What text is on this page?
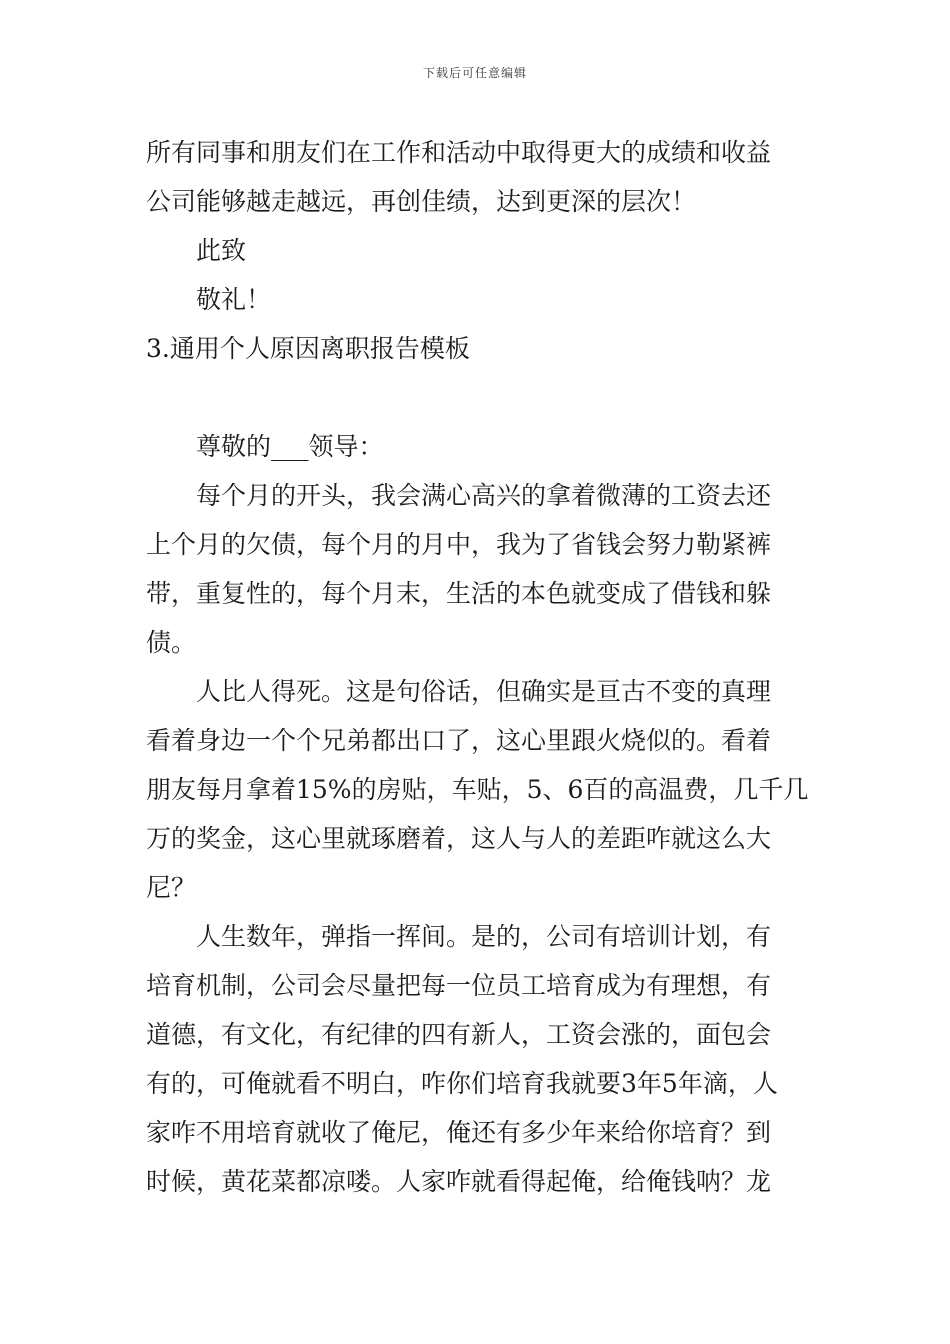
下载后可任意编辑

所有同事和朋友们在工作和活动中取得更大的成绩和收益

公司能够越走越远，再创佳绩，达到更深的层次！

此致

敬礼！

3.通用个人原因离职报告模板

尊敬的___领导：

每个月的开头，我会满心高兴的拿着微薄的工资去还

上个月的欠债，每个月的月中，我为了省钱会努力勒紧裤

带，重复性的，每个月末，生活的本色就变成了借钱和躲

债。

人比人得死。这是句俗话，但确实是亘古不变的真理

看着身边一个个兄弟都出口了，这心里跟火烧似的。看着

朋友每月拿着15%的房贴，车贴，5、6百的高温费，几千几

万的奖金，这心里就琢磨着，这人与人的差距咋就这么大

尼？

人生数年，弹指一挥间。是的，公司有培训计划，有

培育机制，公司会尽量把每一位员工培育成为有理想，有

道德，有文化，有纪律的四有新人，工资会涨的，面包会

有的，可俺就看不明白，咋你们培育我就要3年5年滴，人

家咋不用培育就收了俺尼，俺还有多少年来给你培育？到

时候，黄花菜都凉喽。人家咋就看得起俺，给俺钱呐？龙
